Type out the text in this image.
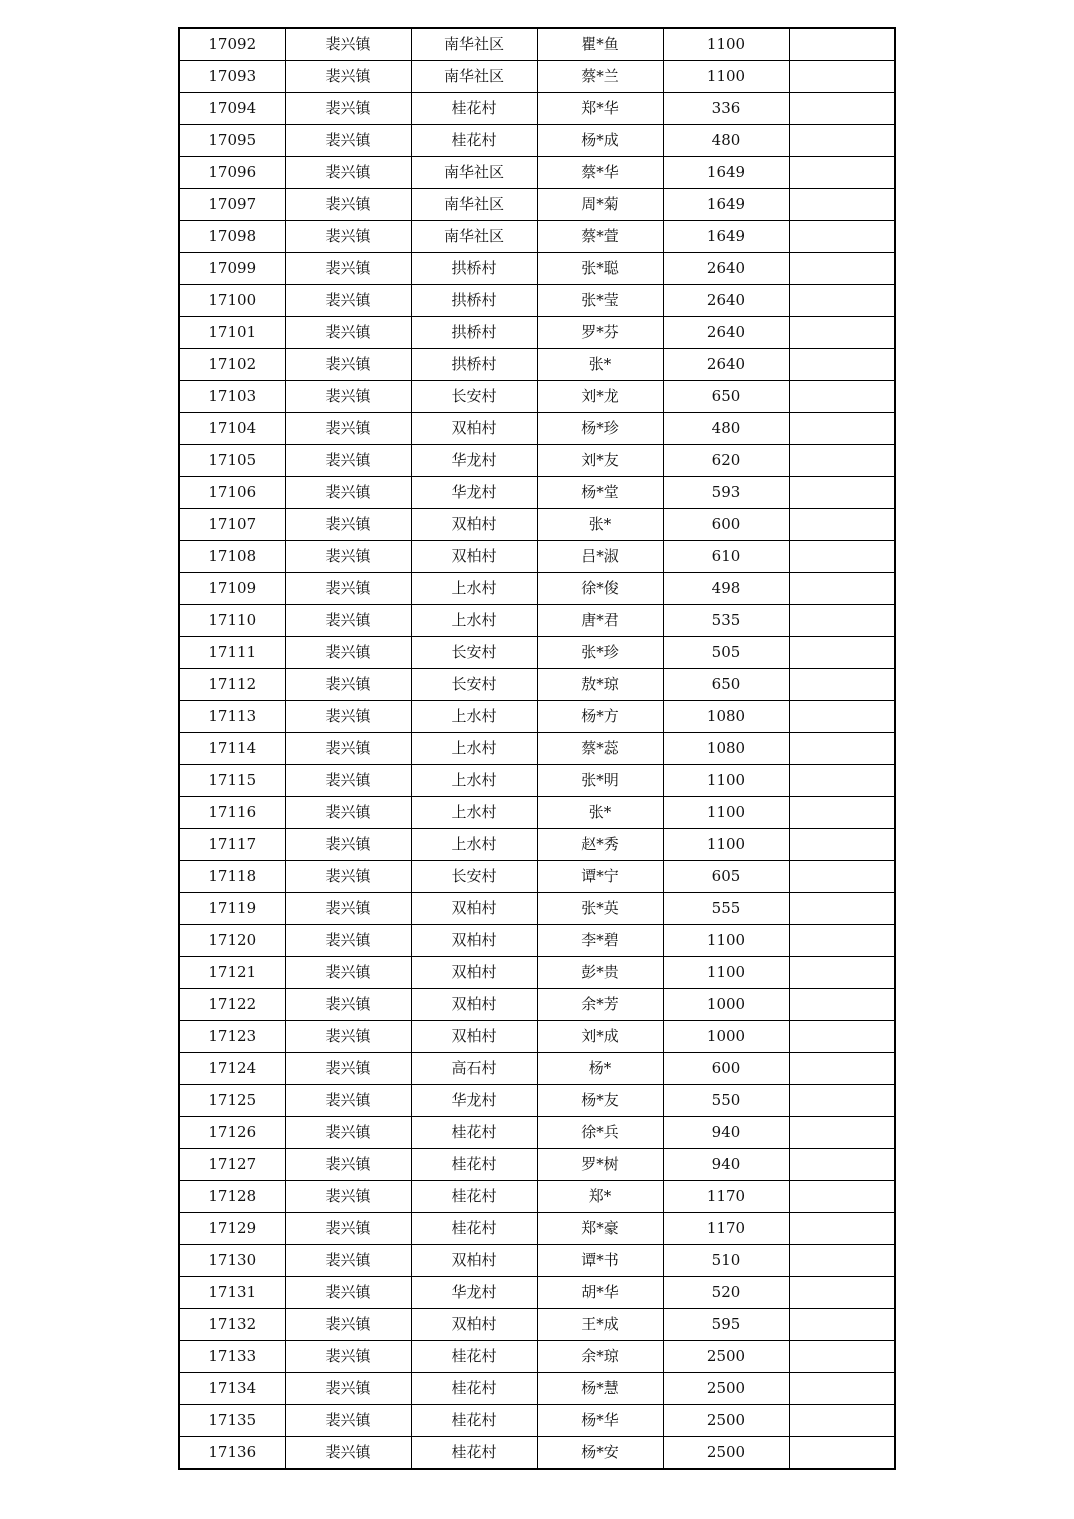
17092	裴兴镇	南华社区	瞿*鱼	1100	
17093	裴兴镇	南华社区	蔡*兰	1100	
17094	裴兴镇	桂花村	郑*华	336	
17095	裴兴镇	桂花村	杨*成	480	
17096	裴兴镇	南华社区	蔡*华	1649	
17097	裴兴镇	南华社区	周*菊	1649	
17098	裴兴镇	南华社区	蔡*萱	1649	
17099	裴兴镇	拱桥村	张*聪	2640	
17100	裴兴镇	拱桥村	张*莹	2640	
17101	裴兴镇	拱桥村	罗*芬	2640	
17102	裴兴镇	拱桥村	张*	2640	
17103	裴兴镇	长安村	刘*龙	650	
17104	裴兴镇	双柏村	杨*珍	480	
17105	裴兴镇	华龙村	刘*友	620	
17106	裴兴镇	华龙村	杨*堂	593	
17107	裴兴镇	双柏村	张*	600	
17108	裴兴镇	双柏村	吕*淑	610	
17109	裴兴镇	上水村	徐*俊	498	
17110	裴兴镇	上水村	唐*君	535	
17111	裴兴镇	长安村	张*珍	505	
17112	裴兴镇	长安村	敖*琼	650	
17113	裴兴镇	上水村	杨*方	1080	
17114	裴兴镇	上水村	蔡*蕊	1080	
17115	裴兴镇	上水村	张*明	1100	
17116	裴兴镇	上水村	张*	1100	
17117	裴兴镇	上水村	赵*秀	1100	
17118	裴兴镇	长安村	谭*宁	605	
17119	裴兴镇	双柏村	张*英	555	
17120	裴兴镇	双柏村	李*碧	1100	
17121	裴兴镇	双柏村	彭*贵	1100	
17122	裴兴镇	双柏村	余*芳	1000	
17123	裴兴镇	双柏村	刘*成	1000	
17124	裴兴镇	高石村	杨*	600	
17125	裴兴镇	华龙村	杨*友	550	
17126	裴兴镇	桂花村	徐*兵	940	
17127	裴兴镇	桂花村	罗*树	940	
17128	裴兴镇	桂花村	郑*	1170	
17129	裴兴镇	桂花村	郑*豪	1170	
17130	裴兴镇	双柏村	谭*书	510	
17131	裴兴镇	华龙村	胡*华	520	
17132	裴兴镇	双柏村	王*成	595	
17133	裴兴镇	桂花村	余*琼	2500	
17134	裴兴镇	桂花村	杨*慧	2500	
17135	裴兴镇	桂花村	杨*华	2500	
17136	裴兴镇	桂花村	杨*安	2500	
